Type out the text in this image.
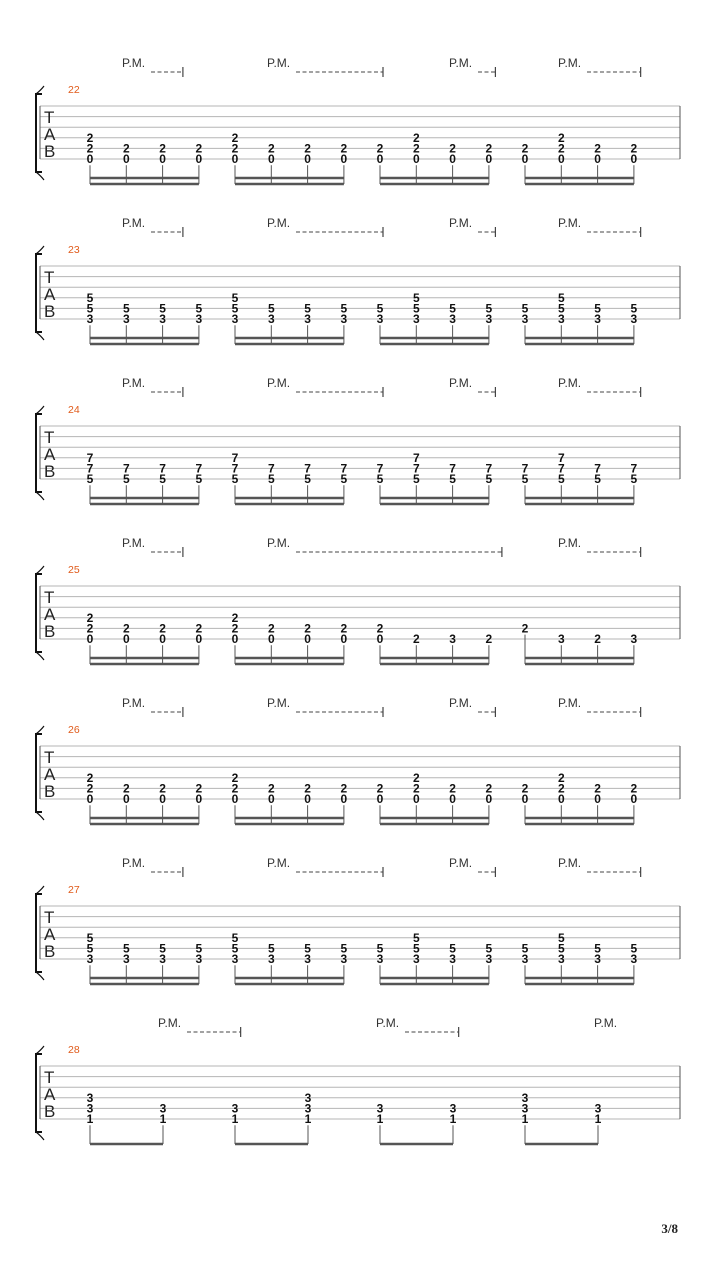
T
A
B
22
P.M.	P.M.	P.M.	P.M.
2
2
0
2
0
2
0
2
0
2
2
0
2
0
2
0
2
0
2
0
2
2
0
2
0
2
0
2
0
2
2
0
2
0
2
0
T
A
B
23
P.M.	P.M.	P.M.	P.M.
5
5
3
5
3
5
3
5
3
5
5
3
5
3
5
3
5
3
5
3
5
5
3
5
3
5
3
5
3
5
5
3
5
3
5
3
T
A
B
24
P.M.	P.M.	P.M.	P.M.
7
7
5
7
5
7
5
7
5
7
7
5
7
5
7
5
7
5
7
5
7
7
5
7
5
7
5
7
5
7
7
5
7
5
7
5
T
A
B
25
P.M.	P.M.	P.M.
2
2
0
2
0
2
0
2
0
2
2
0
2
0
2
0
2
0
2
0 2 3 2
2
3 2 3
T
A
B
26
P.M.	P.M.	P.M.	P.M.
2
2
0
2
0
2
0
2
0
2
2
0
2
0
2
0
2
0
2
0
2
2
0
2
0
2
0
2
0
2
2
0
2
0
2
0
T
A
B
27
P.M.	P.M.	P.M.	P.M.
5
5
3
5
3
5
3
5
3
5
5
3
5
3
5
3
5
3
5
3
5
5
3
5
3
5
3
5
3
5
5
3
5
3
5
3
T
A
B
28
P.M.	P.M.	P.M.
3
3
1
3
1
3
1
3
3
1
3
1
3
1
3
3
1
3
1
3/8
